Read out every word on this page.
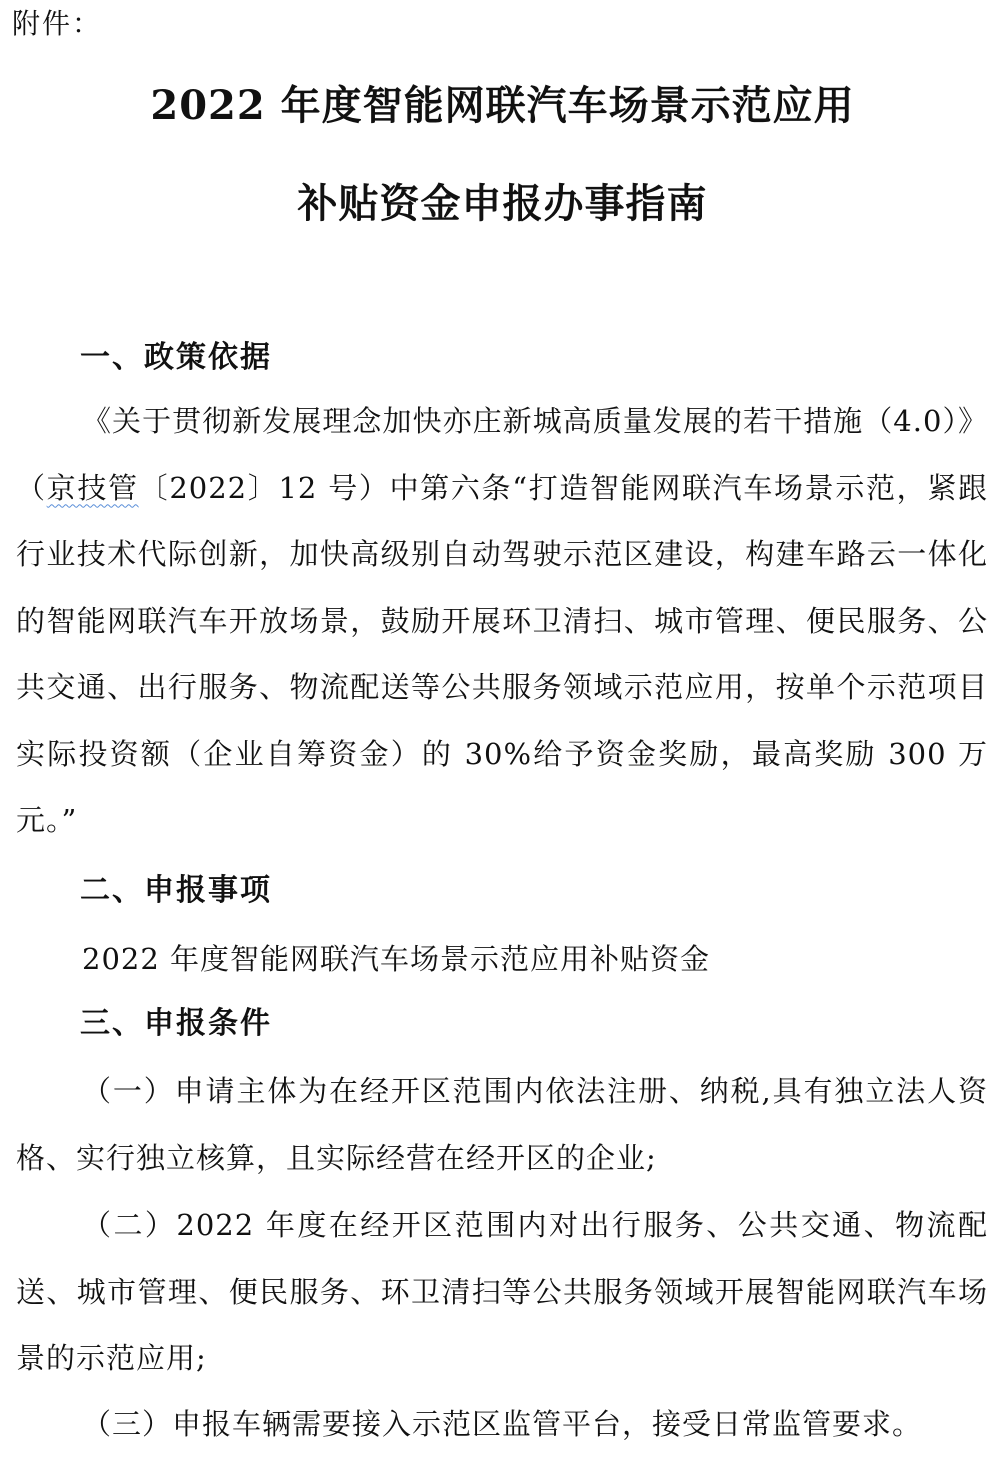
附件：
2022 年度智能网联汽车场景示范应用
补贴资金申报办事指南
一、政策依据

《关于贯彻新发展理念加快亦庄新城高质量发展的若干措施（4.0）》（京技管〔2022〕12 号）中第六条“打造智能网联汽车场景示范，紧跟行业技术代际创新，加快高级别自动驾驶示范区建设，构建车路云一体化的智能网联汽车开放场景，鼓励开展环卫清扫、城市管理、便民服务、公共交通、出行服务、物流配送等公共服务领域示范应用，按单个示范项目实际投资额（企业自筹资金）的 30%给予资金奖励，最高奖励 300 万元。”

二、申报事项

2022 年度智能网联汽车场景示范应用补贴资金

三、申报条件

（一）申请主体为在经开区范围内依法注册、纳税,具有独立法人资格、实行独立核算，且实际经营在经开区的企业;

（二）2022 年度在经开区范围内对出行服务、公共交通、物流配送、城市管理、便民服务、环卫清扫等公共服务领域开展智能网联汽车场景的示范应用;

（三）申报车辆需要接入示范区监管平台，接受日常监管要求。
